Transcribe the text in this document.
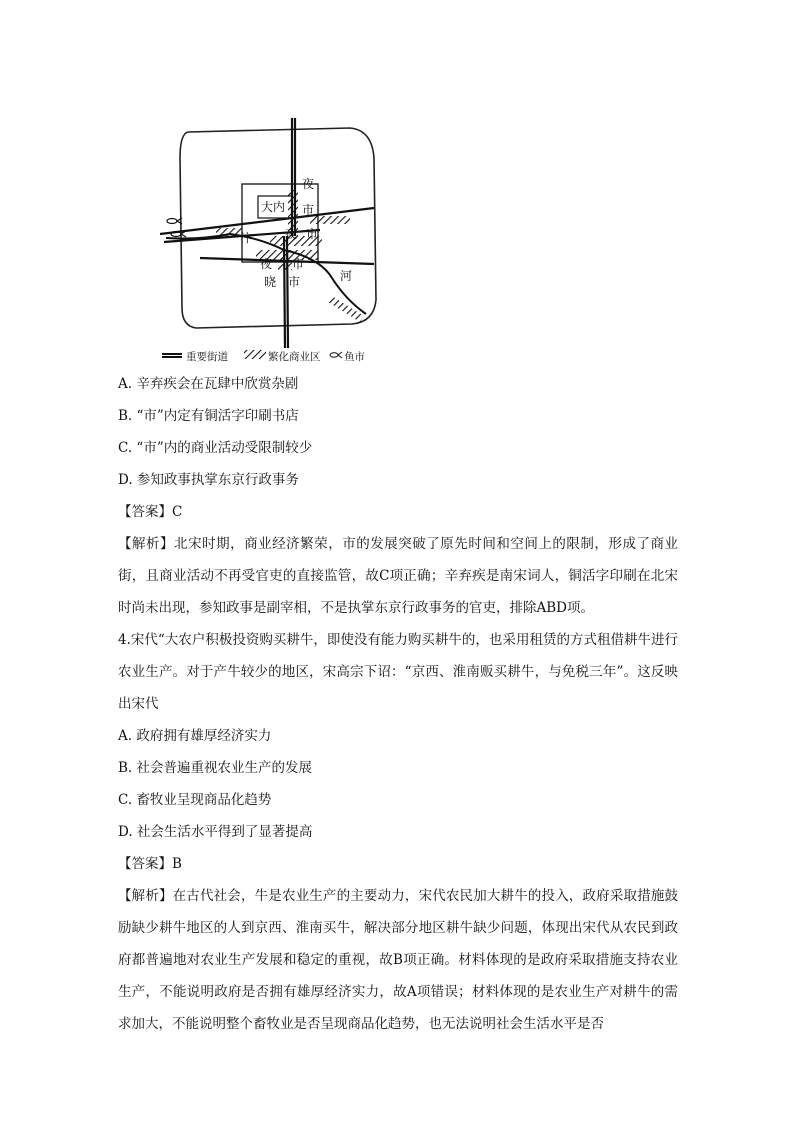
大内
夜
市
夜 市
夜 市
晓 市
汴
河
重要街道	繁化商业区 鱼市
A. 辛弃疾会在瓦肆中欣赏杂剧
B. “市”内定有铜活字印刷书店
C. “市”内的商业活动受限制较少
D. 参知政事执掌东京行政事务
【答案】C
【解析】北宋时期，商业经济繁荣，市的发展突破了原先时间和空间上的限制，形成了商业街，且商业活动不再受官吏的直接监管，故C项正确；辛弃疾是南宋词人，铜活字印刷在北宋时尚未出现，参知政事是副宰相，不是执掌东京行政事务的官吏，排除ABD项。
4.宋代“大农户积极投资购买耕牛，即使没有能力购买耕牛的，也采用租赁的方式租借耕牛进行农业生产。对于产牛较少的地区，宋高宗下诏：“京西、淮南贩买耕牛，与免税三年”。这反映出宋代
A. 政府拥有雄厚经济实力
B. 社会普遍重视农业生产的发展
C. 畜牧业呈现商品化趋势
D. 社会生活水平得到了显著提高
【答案】B
【解析】在古代社会，牛是农业生产的主要动力，宋代农民加大耕牛的投入，政府采取措施鼓励缺少耕牛地区的人到京西、淮南买牛，解决部分地区耕牛缺少问题，体现出宋代从农民到政府都普遍地对农业生产发展和稳定的重视，故B项正确。材料体现的是政府采取措施支持农业生产，不能说明政府是否拥有雄厚经济实力，故A项错误；材料体现的是农业生产对耕牛的需求加大，不能说明整个畜牧业是否呈现商品化趋势，也无法说明社会生活水平是否
